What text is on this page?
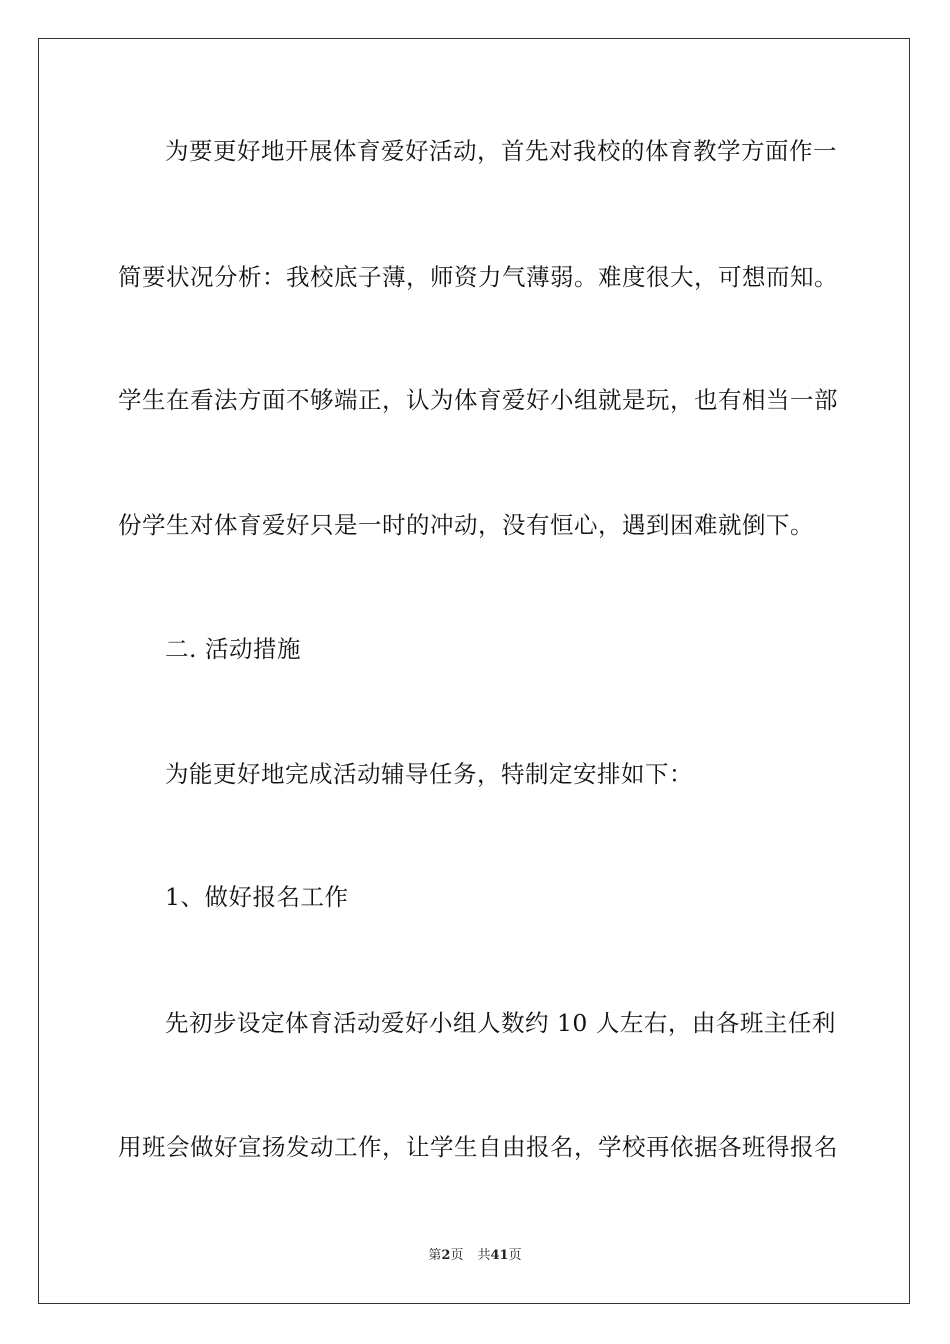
为要更好地开展体育爱好活动，首先对我校的体育教学方面作一
简要状况分析：我校底子薄，师资力气薄弱。难度很大，可想而知。
学生在看法方面不够端正，认为体育爱好小组就是玩，也有相当一部
份学生对体育爱好只是一时的冲动，没有恒心，遇到困难就倒下。
二. 活动措施
为能更好地完成活动辅导任务，特制定安排如下：
1、做好报名工作
先初步设定体育活动爱好小组人数约 10 人左右，由各班主任利
用班会做好宣扬发动工作，让学生自由报名，学校再依据各班得报名
第2页 共41页
